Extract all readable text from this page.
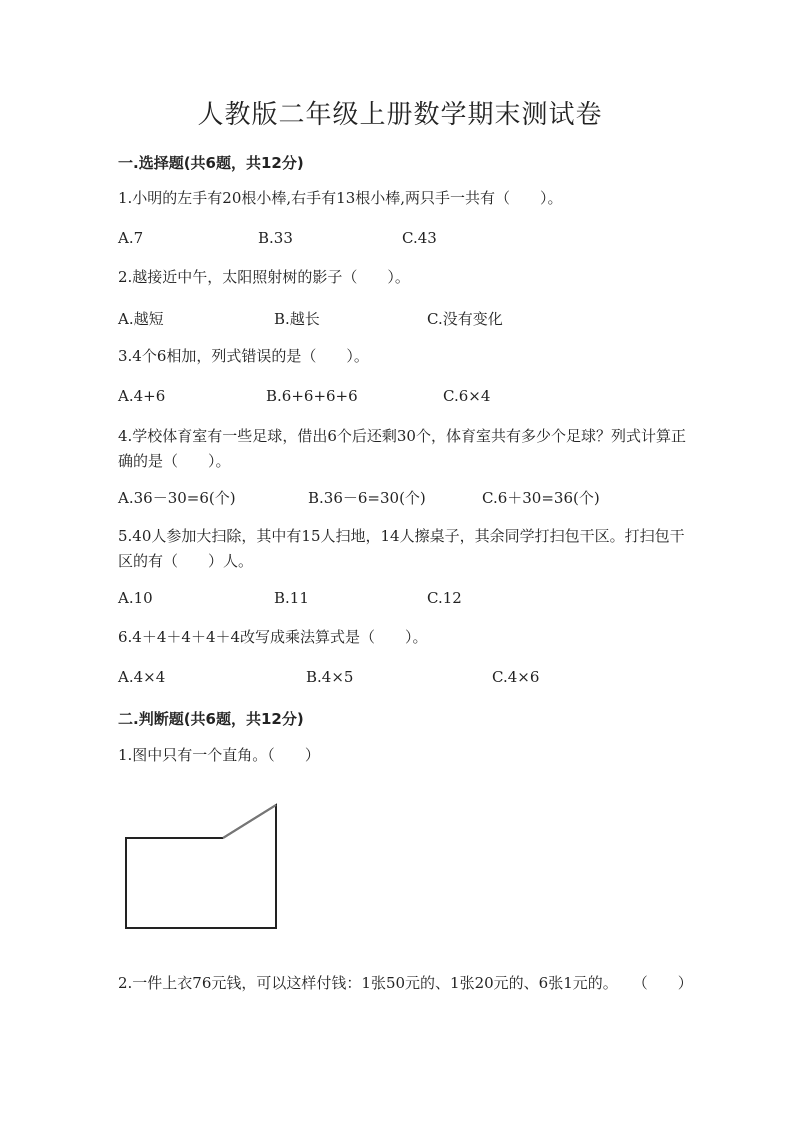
人教版二年级上册数学期末测试卷
一.选择题(共6题，共12分)
1.小明的左手有20根小棒,右手有13根小棒,两只手一共有（　　）。
A.7	B.33	C.43
2.越接近中午，太阳照射树的影子（　　）。
A.越短	B.越长	C.没有变化
3.4个6相加，列式错误的是（　　）。
A.4+6	B.6+6+6+6	C.6×4
4.学校体育室有一些足球，借出6个后还剩30个，体育室共有多少个足球？列式计算正确的是（　　）。
A.36－30=6(个)	B.36－6=30(个)	C.6＋30=36(个)
5.40人参加大扫除，其中有15人扫地，14人擦桌子，其余同学打扫包干区。打扫包干区的有（　　）人。
A.10	B.11	C.12
6.4＋4＋4＋4＋4改写成乘法算式是（　　）。
A.4×4	B.4×5	C.4×6
二.判断题(共6题，共12分)
1.图中只有一个直角。（　　）
2.一件上衣76元钱，可以这样付钱：1张50元的、1张20元的、6张1元的。　　（　　）
